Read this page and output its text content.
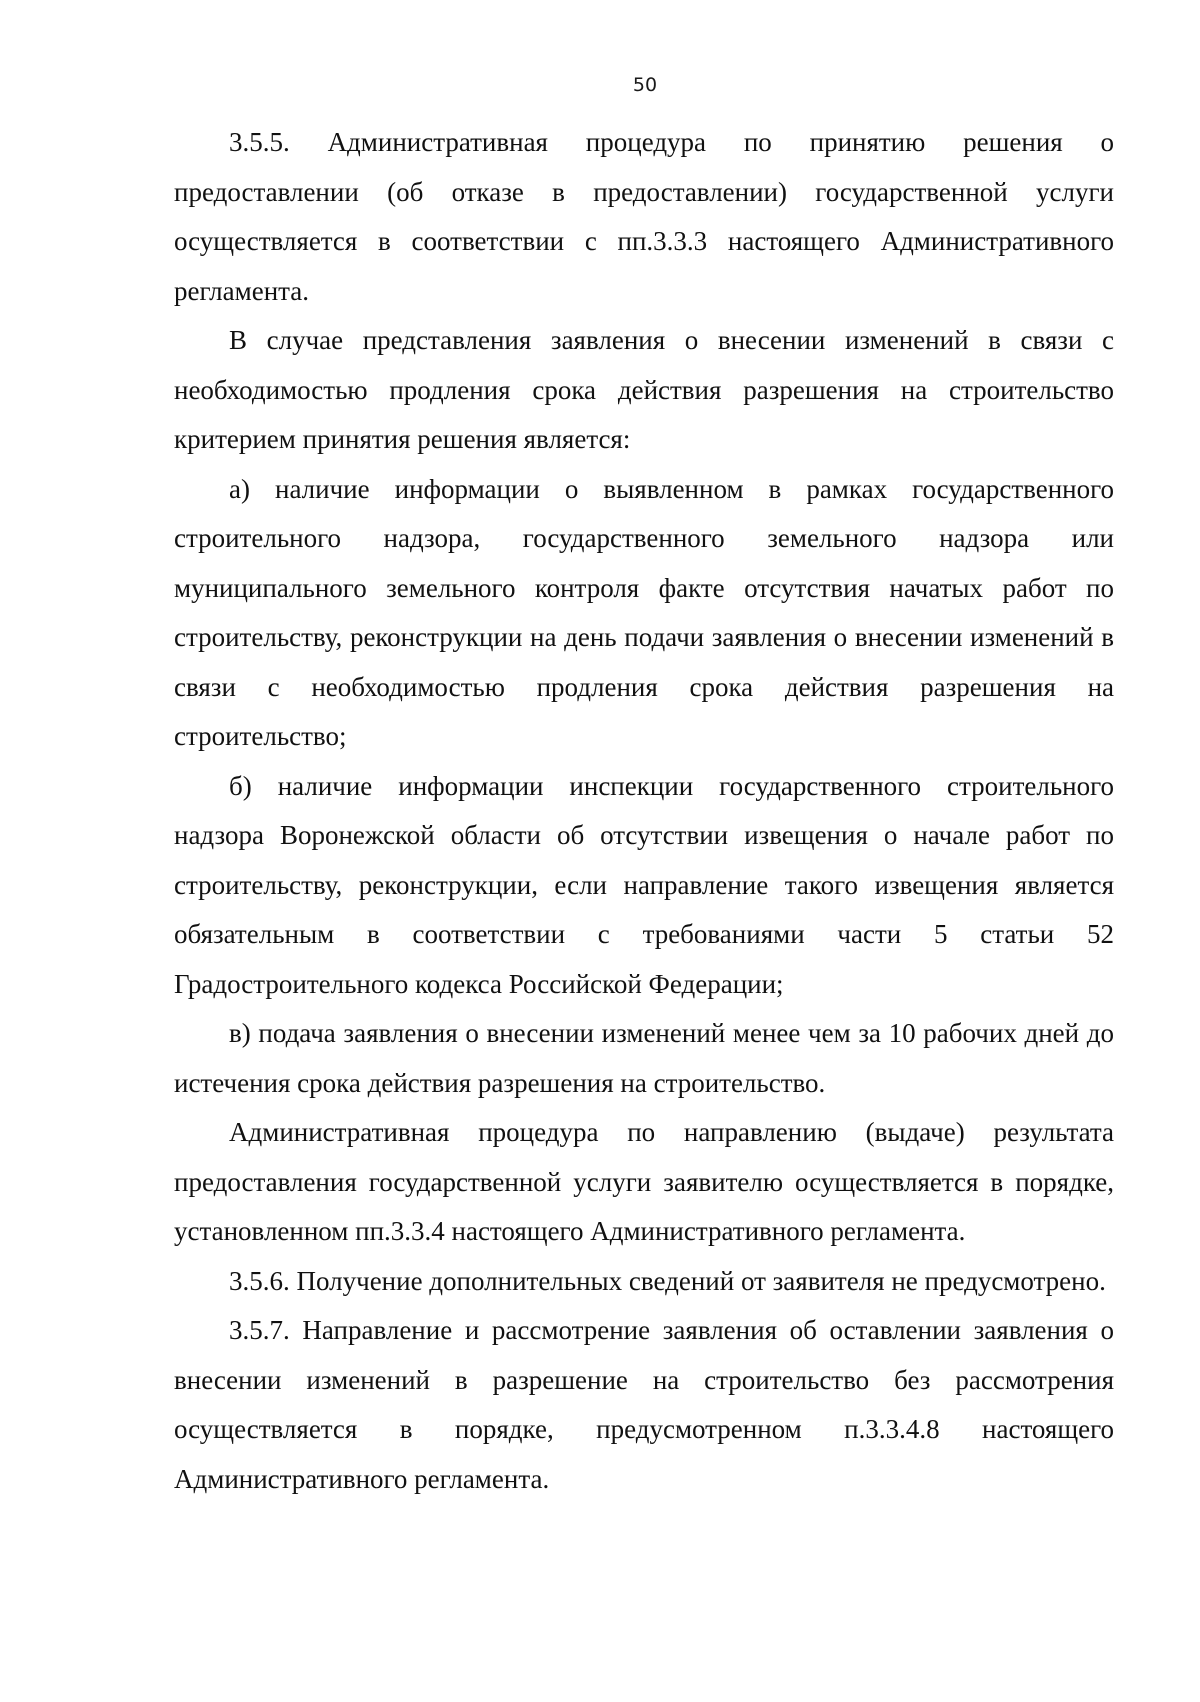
50

3.5.5. Административная процедура по принятию решения о предоставлении (об отказе в предоставлении) государственной услуги осуществляется в соответствии с пп.3.3.3 настоящего Административного регламента.

В случае представления заявления о внесении изменений в связи с необходимостью продления срока действия разрешения на строительство критерием принятия решения является:

а) наличие информации о выявленном в рамках государственного строительного надзора, государственного земельного надзора или муниципального земельного контроля факте отсутствия начатых работ по строительству, реконструкции на день подачи заявления о внесении изменений в связи с необходимостью продления срока действия разрешения на строительство;

б) наличие информации инспекции государственного строительного надзора Воронежской области об отсутствии извещения о начале работ по строительству, реконструкции, если направление такого извещения является обязательным в соответствии с требованиями части 5 статьи 52 Градостроительного кодекса Российской Федерации;

в) подача заявления о внесении изменений менее чем за 10 рабочих дней до истечения срока действия разрешения на строительство.

Административная процедура по направлению (выдаче) результата предоставления государственной услуги заявителю осуществляется в порядке, установленном пп.3.3.4 настоящего Административного регламента.

3.5.6. Получение дополнительных сведений от заявителя не предусмотрено.

3.5.7. Направление и рассмотрение заявления об оставлении заявления о внесении изменений в разрешение на строительство без рассмотрения осуществляется в порядке, предусмотренном п.3.3.4.8 настоящего Административного регламента.
